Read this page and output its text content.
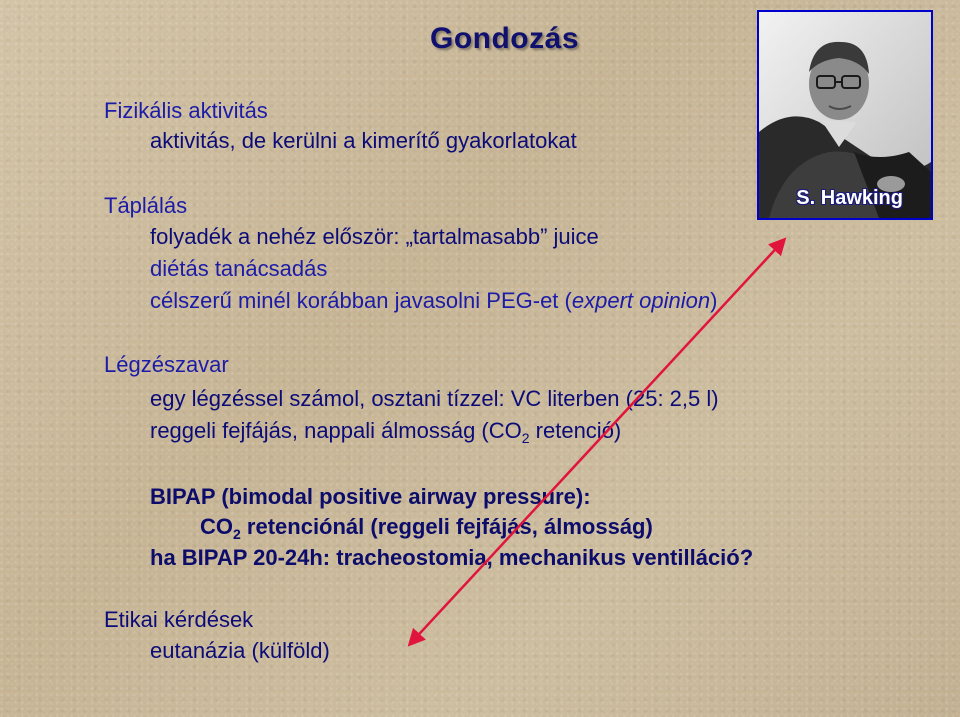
Gondozás
S. Hawking
Fizikális aktivitás
aktivitás, de kerülni a kimerítő gyakorlatokat
Táplálás
folyadék a nehéz először: „tartalmasabb” juice
diétás tanácsadás
célszerű minél korábban javasolni PEG-et (expert opinion)
Légzészavar
egy légzéssel számol, osztani tízzel: VC literben (25: 2,5 l)
reggeli fejfájás, nappali álmosság ($CO_2$ retenció)
BIPAP (bimodal positive airway pressure):
$CO_2$ retenciónál (reggeli fejfájás, álmosság)
ha BIPAP 20-24h: tracheostomia, mechanikus ventilláció?
Etikai kérdések
eutanázia (külföld)
